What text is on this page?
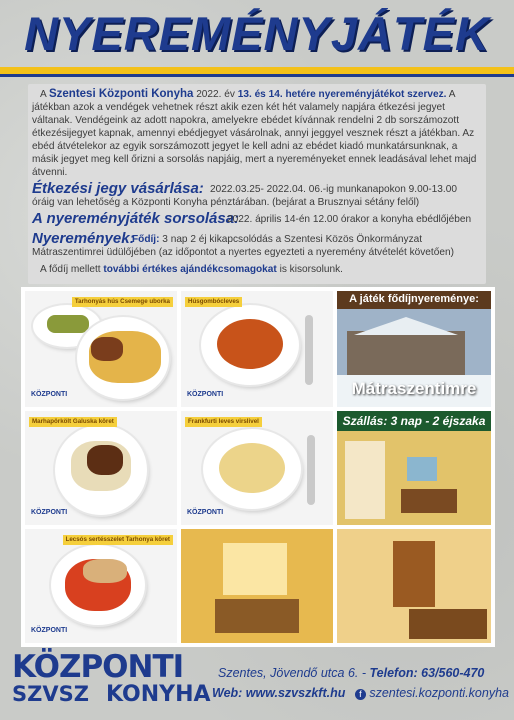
NYEREMÉNYJÁTÉK
A Szentesi Központi Konyha 2022. év 13. és 14. hetére nyereményjátékot szervez. A játékban azok a vendégek vehetnek részt akik ezen két hét valamely napjára étkezési jegyet váltanak. Vendégeink az adott napokra, amelyekre ebédet kívánnak rendelni 2 db sorszámozott étkezésijegyet kapnak, amennyi ebédjegyet vásárolnak, annyi jeggyel vesznek részt a játékban. Az ebéd átvételekor az egyik sorszámozott jegyet le kell adni az ebédet kiadó munkatársunknak, a másik jegyet meg kell őrizni a sorsolás napjáig, mert a nyereményeket ennek leadásával lehet majd átvenni.
Étkezési jegy vásárlása: 2022.03.25- 2022.04. 06.-ig munkanapokon 9.00-13.00 óráig van lehetőség a Központi Konyha pénztárában. (bejárat a Brusznyai sétány felől)
A nyereményjáték sorsolása:
2022. április 14-én 12.00 órakor a konyha ebédlőjében
Nyeremények:
Fődíj: 3 nap 2 éj kikapcsolódás a Szentesi Közös Önkormányzat Mátraszentimrei üdülőjében (az időpontot a nyertes egyezteti a nyeremény átvételét követően)
A fődíj mellett további értékes ajándékcsomagokat is kisorsolunk.
Tarhonyás hús Csemege uborka
KÖZPONTI
Húsgombócleves
KÖZPONTI
A játék fődíjnyereménye:
Mátraszentimre
Marhapörkölt Galuska köret
KÖZPONTI
Frankfurti leves virslivel
KÖZPONTI
Szállás: 3 nap - 2 éjszaka
Lecsós sertésszelet Tarhonya köret
KÖZPONTI
KÖZPONTI
SZVSZ KONYHA
Szentes, Jövendő utca 6. - Telefon: 63/560-470
Web: www.szvszkft.hu f szentesi.kozponti.konyha
